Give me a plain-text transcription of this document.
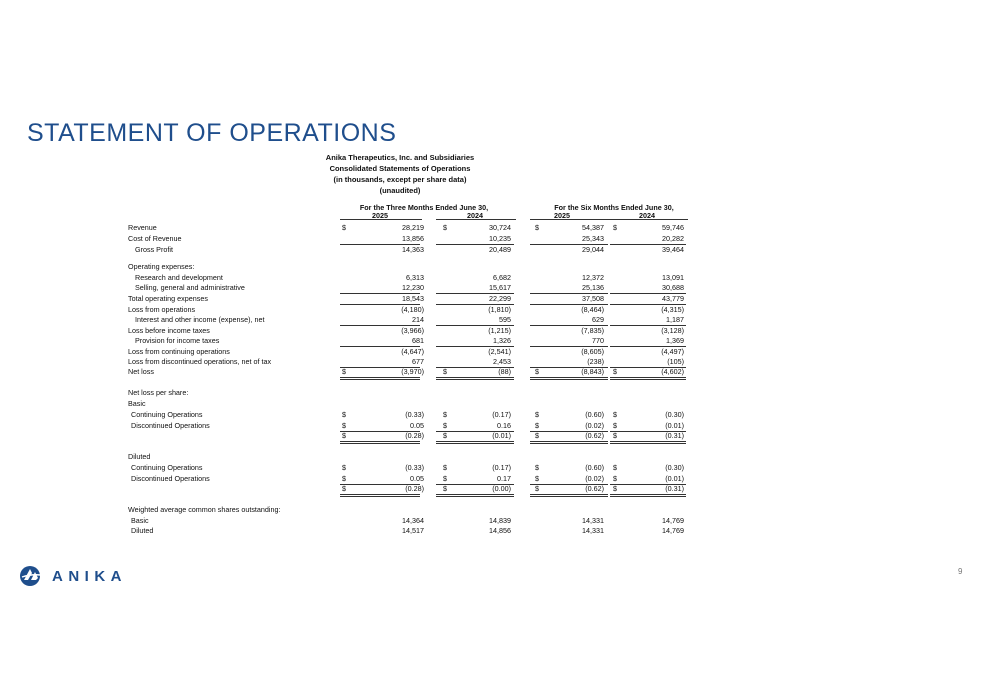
STATEMENT OF OPERATIONS
Anika Therapeutics, Inc. and Subsidiaries
Consolidated Statements of Operations
(in thousands, except per share data)
(unaudited)
For the Three Months Ended June 30,	For the Six Months Ended June 30,
2025	2024	2025	2024
Revenue	$	28,219	$	30,724	$	54,387 $	59,746
Cost of Revenue	13,856	10,235	25,343	20,282
Gross Profit	14,363	20,489	29,044	39,464
Operating expenses:
Research and development	6,313	6,682	12,372	13,091
Selling, general and administrative	12,230	15,617	25,136	30,688
Total operating expenses	18,543	22,299	37,508	43,779
Loss from operations	(4,180)	(1,810)	(8,464)	(4,315)
Interest and other income (expense), net	214	595	629	1,187
Loss before income taxes	(3,966)	(1,215)	(7,835)	(3,128)
Provision for income taxes	681	1,326	770	1,369
Loss from continuing operations	(4,647)	(2,541)	(8,605)	(4,497)
Loss from discontinued operations, net of tax	677	2,453	(238)	(105)
Net loss	$	(3,970)	$	(88)	$	(8,843) $	(4,602)
Net loss per share:
Basic
Continuing Operations	$	(0.33)	$	(0.17)	$	(0.60) $	(0.30)
Discontinued Operations	$	0.05	$	0.16	$	(0.02) $	(0.01)
$	(0.28)	$	(0.01)	$	(0.62) $	(0.31)
Diluted
Continuing Operations	$	(0.33)	$	(0.17)	$	(0.60) $	(0.30)
Discontinued Operations	$	0.05	$	0.17	$	(0.02) $	(0.01)
$	(0.28)	$	(0.00)	$	(0.62) $	(0.31)
Weighted average common shares outstanding:
Basic	14,364	14,839	14,331	14,769
Diluted	14,517	14,856	14,331	14,769
ANIKA	9
